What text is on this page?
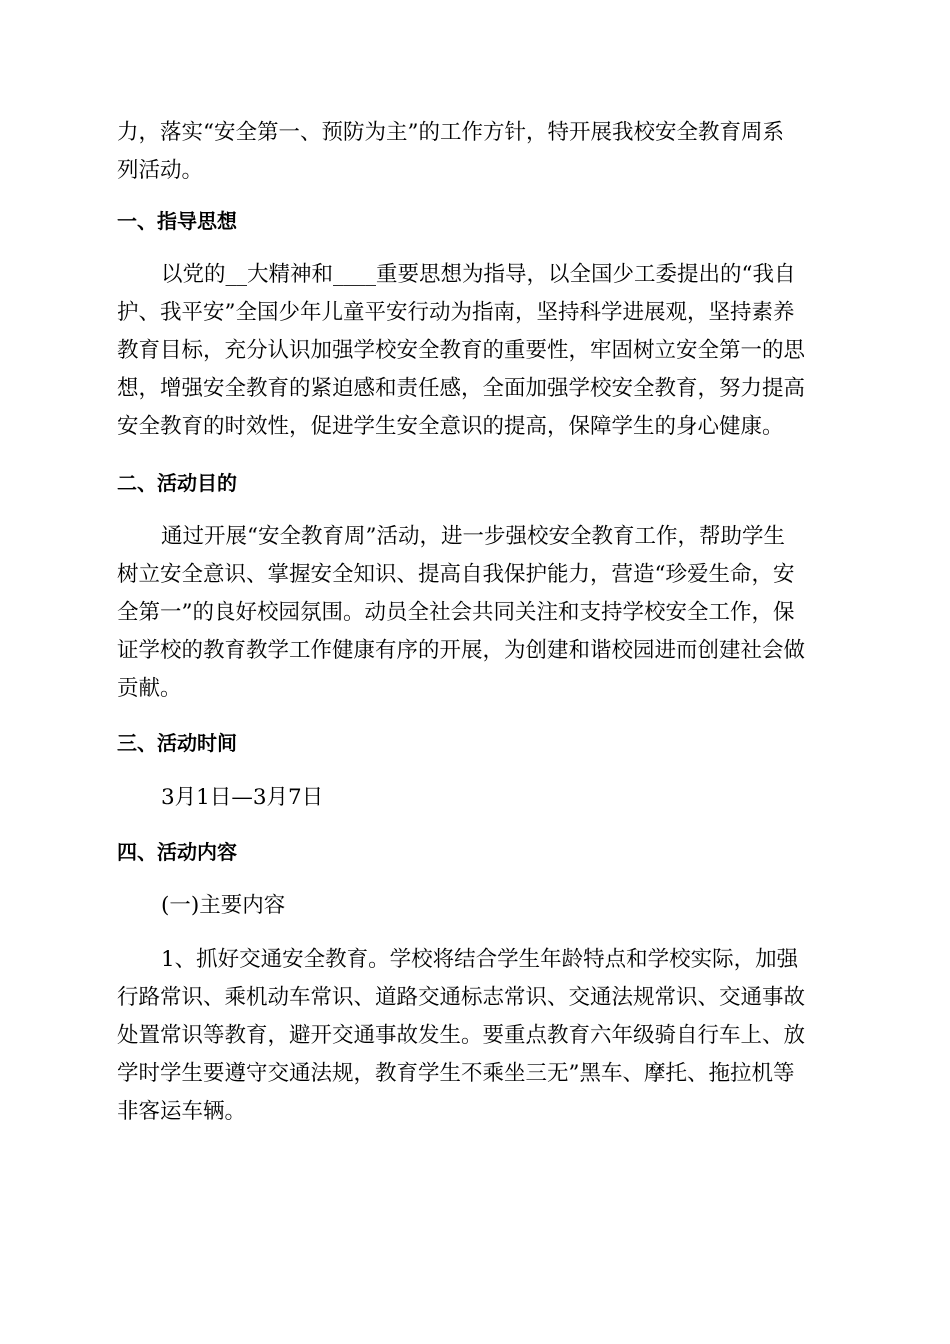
力，落实“安全第一、预防为主”的工作方针，特开展我校安全教育周系
列活动。
一、指导思想
以党的__大精神和____重要思想为指导，以全国少工委提出的“我自
护、我平安”全国少年儿童平安行动为指南，坚持科学进展观，坚持素养
教育目标，充分认识加强学校安全教育的重要性，牢固树立安全第一的思
想，增强安全教育的紧迫感和责任感，全面加强学校安全教育，努力提高
安全教育的时效性，促进学生安全意识的提高，保障学生的身心健康。
二、活动目的
通过开展“安全教育周”活动，进一步强校安全教育工作，帮助学生
树立安全意识、掌握安全知识、提高自我保护能力，营造“珍爱生命，安
全第一”的良好校园氛围。动员全社会共同关注和支持学校安全工作，保
证学校的教育教学工作健康有序的开展，为创建和谐校园进而创建社会做
贡献。
三、活动时间
3月1日—3月7日
四、活动内容
(一)主要内容
1、抓好交通安全教育。学校将结合学生年龄特点和学校实际，加强
行路常识、乘机动车常识、道路交通标志常识、交通法规常识、交通事故
处置常识等教育，避开交通事故发生。要重点教育六年级骑自行车上、放
学时学生要遵守交通法规，教育学生不乘坐三无”黑车、摩托、拖拉机等
非客运车辆。
